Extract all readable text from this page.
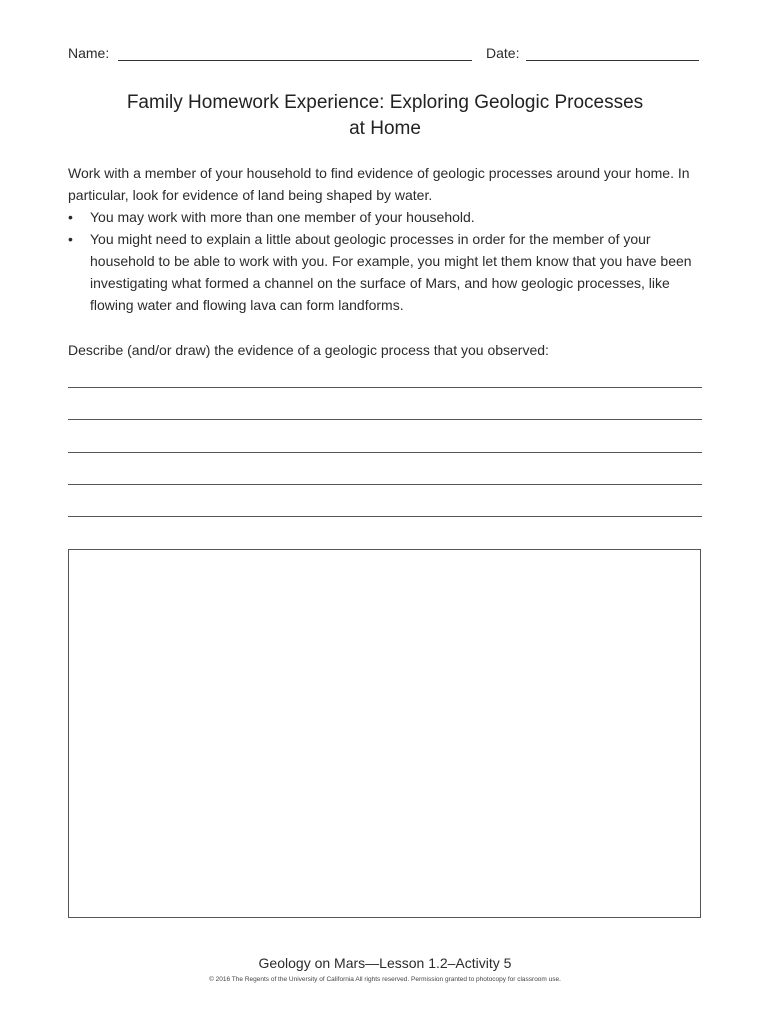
Name:	Date:
Family Homework Experience: Exploring Geologic Processes
at Home

Work with a member of your household to find evidence of geologic processes around your home. In particular, look for evidence of land being shaped by water.

• You may work with more than one member of your household.
• You might need to explain a little about geologic processes in order for the member of your household to be able to work with you. For example, you might let them know that you have been investigating what formed a channel on the surface of Mars, and how geologic processes, like flowing water and flowing lava can form landforms.

Describe (and/or draw) the evidence of a geologic process that you observed:

Geology on Mars—Lesson 1.2–Activity 5
© 2016 The Regents of the University of California All rights reserved. Permission granted to photocopy for classroom use.
